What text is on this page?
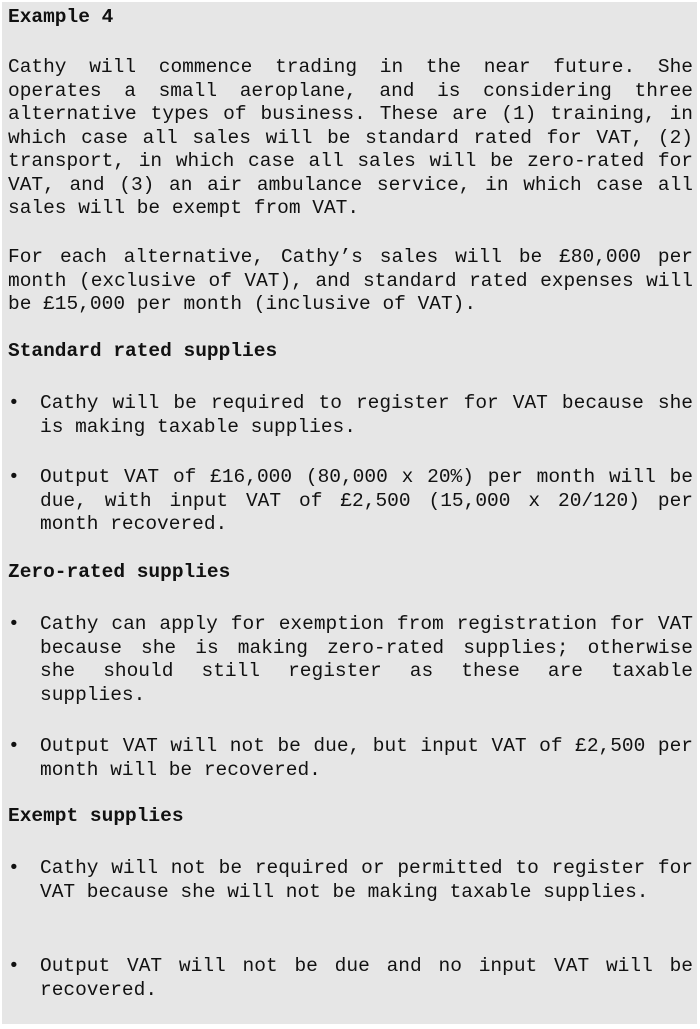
Example 4

Cathy will commence trading in the near future. She operates a small aeroplane, and is considering three alternative types of business. These are (1) training, in which case all sales will be standard rated for VAT, (2) transport, in which case all sales will be zero-rated for VAT, and (3) an air ambulance service, in which case all sales will be exempt from VAT.

For each alternative, Cathy’s sales will be £80,000 per month (exclusive of VAT), and standard rated expenses will be £15,000 per month (inclusive of VAT).

Standard rated supplies
•	Cathy will be required to register for VAT because she is making taxable supplies.

•	Output VAT of £16,000 (80,000 x 20%) per month will be due, with input VAT of £2,500 (15,000 x 20/120) per month recovered.

Zero-rated supplies
•	Cathy can apply for exemption from registration for VAT because she is making zero-rated supplies; otherwise she should still register as these are taxable supplies.

•	Output VAT will not be due, but input VAT of £2,500 per month will be recovered.

Exempt supplies
•	Cathy will not be required or permitted to register for VAT because she will not be making taxable supplies.

•	Output VAT will not be due and no input VAT will be recovered.
